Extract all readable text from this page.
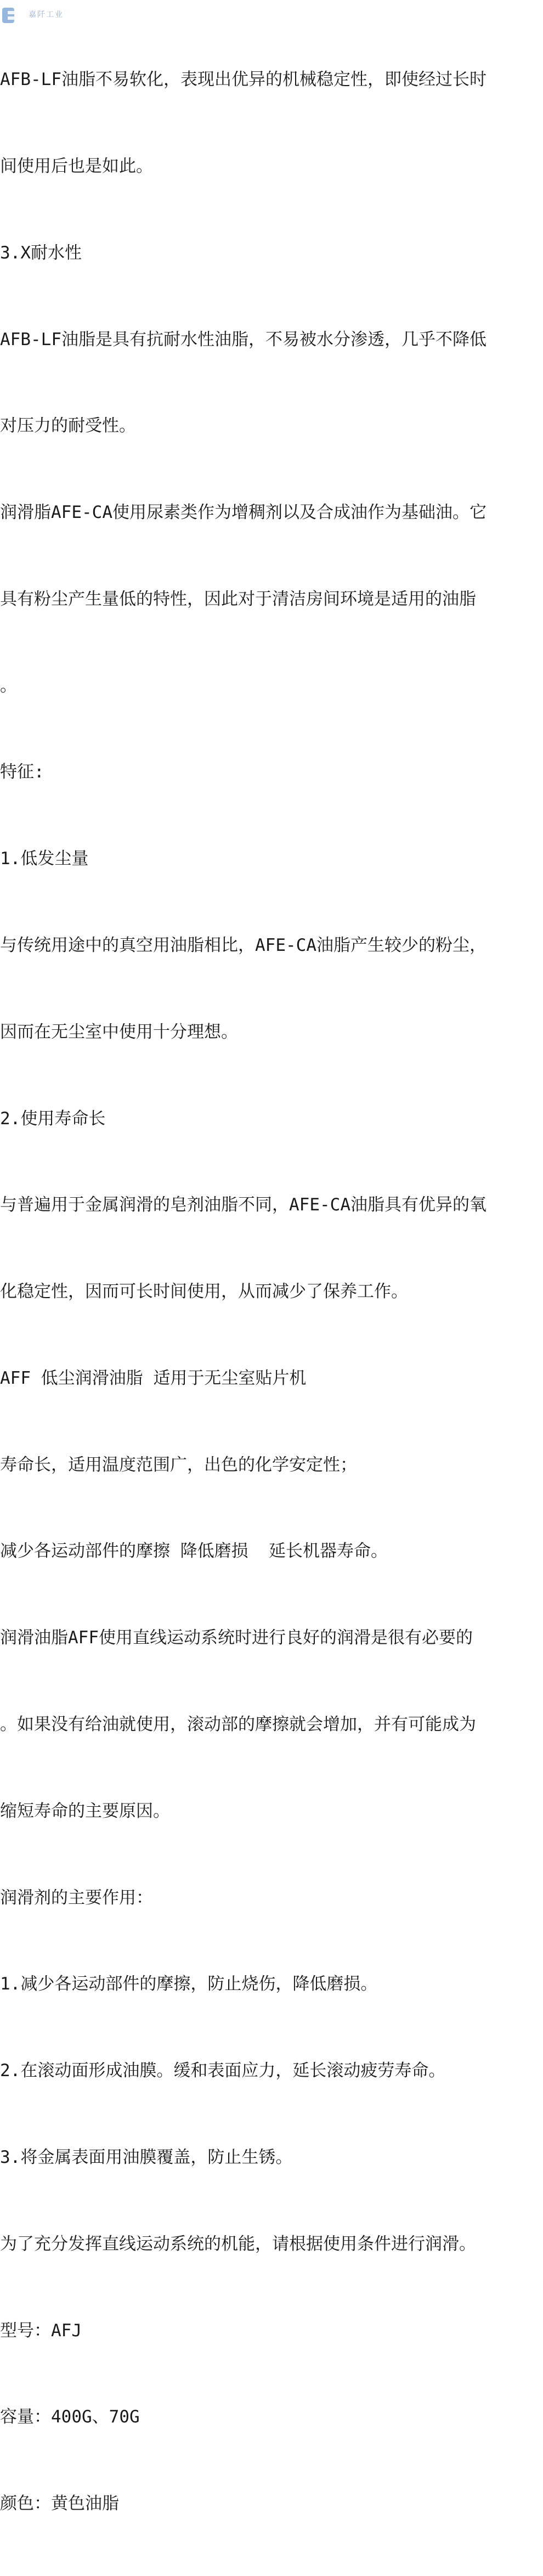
嘉阡工业

AFB-LF油脂不易软化，表现出优异的机械稳定性，即使经过长时

间使用后也是如此。

3.X耐水性

AFB-LF油脂是具有抗耐水性油脂，不易被水分渗透，几乎不降低

对压力的耐受性。

润滑脂AFE-CA使用尿素类作为增稠剂以及合成油作为基础油。它

具有粉尘产生量低的特性，因此对于清洁房间环境是适用的油脂

。

特征:

1.低发尘量

与传统用途中的真空用油脂相比，AFE-CA油脂产生较少的粉尘，

因而在无尘室中使用十分理想。

2.使用寿命长

与普遍用于金属润滑的皂剂油脂不同，AFE-CA油脂具有优异的氧

化稳定性，因而可长时间使用，从而减少了保养工作。

AFF 低尘润滑油脂 适用于无尘室贴片机

寿命长，适用温度范围广，出色的化学安定性；

减少各运动部件的摩擦 降低磨损  延长机器寿命。

润滑油脂AFF使用直线运动系统时进行良好的润滑是很有必要的

。如果没有给油就使用，滚动部的摩擦就会增加，并有可能成为

缩短寿命的主要原因。

润滑剂的主要作用：

1.减少各运动部件的摩擦，防止烧伤，降低磨损。

2.在滚动面形成油膜。缓和表面应力，延长滚动疲劳寿命。

3.将金属表面用油膜覆盖，防止生锈。

为了充分发挥直线运动系统的机能，请根据使用条件进行润滑。

型号：AFJ

容量：400G、70G

颜色：黄色油脂
